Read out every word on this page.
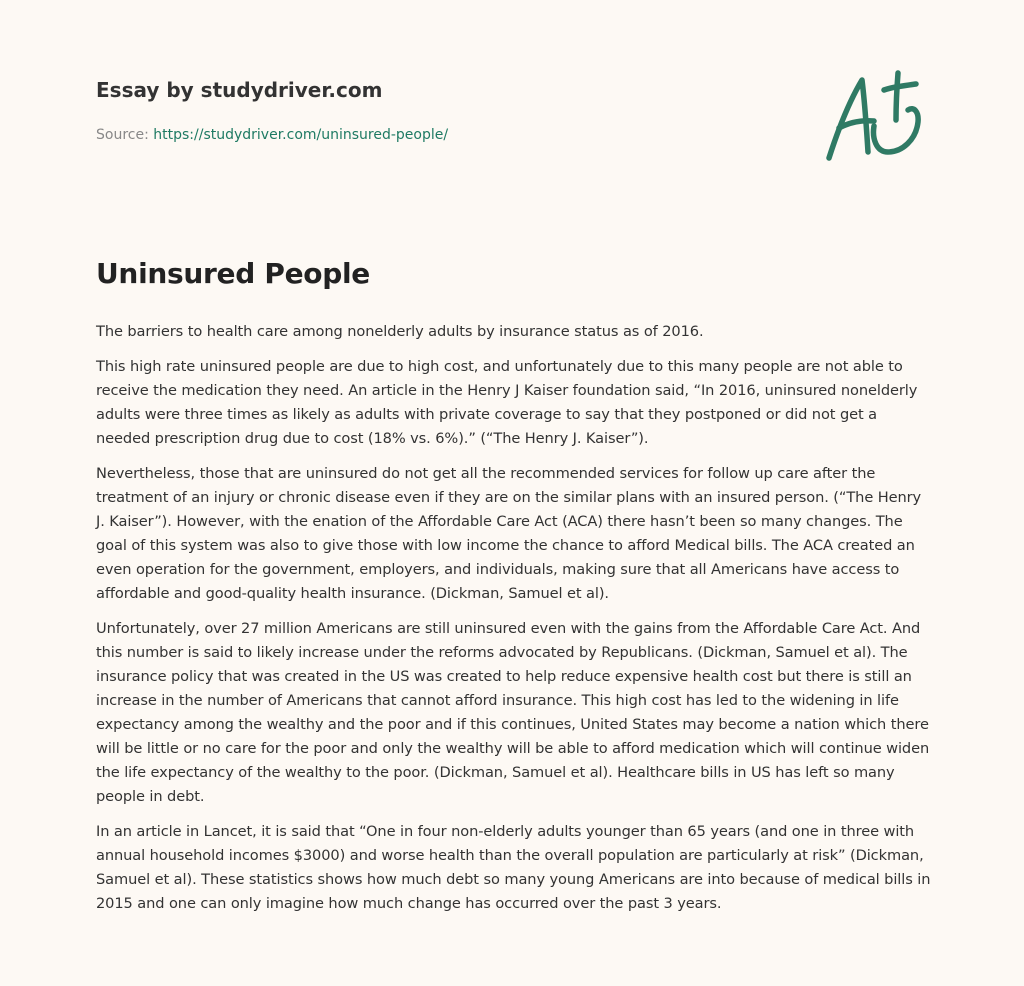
Essay by studydriver.com
Source: https://studydriver.com/uninsured-people/
Uninsured People

The barriers to health care among nonelderly adults by insurance status as of 2016.

This high rate uninsured people are due to high cost, and unfortunately due to this many people are not able to receive the medication they need. An article in the Henry J Kaiser foundation said, “In 2016, uninsured nonelderly adults were three times as likely as adults with private coverage to say that they postponed or did not get a needed prescription drug due to cost (18% vs. 6%).” (“The Henry J. Kaiser”).

Nevertheless, those that are uninsured do not get all the recommended services for follow up care after the treatment of an injury or chronic disease even if they are on the similar plans with an insured person. (“The Henry J. Kaiser”). However, with the enation of the Affordable Care Act (ACA) there hasn’t been so many changes. The goal of this system was also to give those with low income the chance to afford Medical bills. The ACA created an even operation for the government, employers, and individuals, making sure that all Americans have access to affordable and good-quality health insurance. (Dickman, Samuel et al).

Unfortunately, over 27 million Americans are still uninsured even with the gains from the Affordable Care Act. And this number is said to likely increase under the reforms advocated by Republicans. (Dickman, Samuel et al). The insurance policy that was created in the US was created to help reduce expensive health cost but there is still an increase in the number of Americans that cannot afford insurance. This high cost has led to the widening in life expectancy among the wealthy and the poor and if this continues, United States may become a nation which there will be little or no care for the poor and only the wealthy will be able to afford medication which will continue widen the life expectancy of the wealthy to the poor. (Dickman, Samuel et al). Healthcare bills in US has left so many people in debt.

In an article in Lancet, it is said that “One in four non-elderly adults younger than 65 years (and one in three with annual household incomes $3000) and worse health than the overall population are particularly at risk” (Dickman, Samuel et al). These statistics shows how much debt so many young Americans are into because of medical bills in 2015 and one can only imagine how much change has occurred over the past 3 years.
